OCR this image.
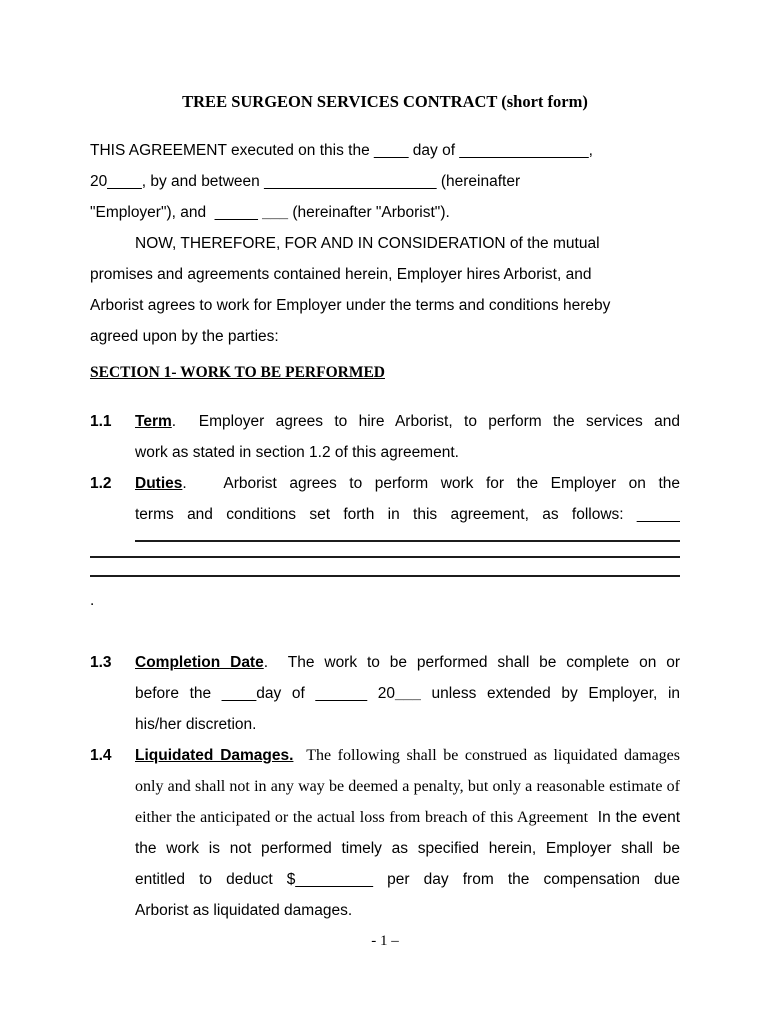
TREE SURGEON SERVICES CONTRACT (short form)
THIS AGREEMENT executed on this the ____ day of _______________,
20____, by and between ____________________ (hereinafter
"Employer"), and  _____ ___ (hereinafter "Arborist").
NOW, THEREFORE, FOR AND IN CONSIDERATION of the mutual
promises and agreements contained herein, Employer hires Arborist, and
Arborist agrees to work for Employer under the terms and conditions hereby
agreed upon by the parties:
SECTION 1- WORK TO BE PERFORMED
1.1 Term.  Employer agrees to hire Arborist, to perform the services and
work as stated in section 1.2 of this agreement.
1.2 Duties.   Arborist agrees to perform work for the Employer on the
terms and conditions set forth in this agreement, as follows: _____
.
1.3 Completion Date.  The work to be performed shall be complete on or
before the ____day of ______ 20___ unless extended by Employer, in
his/her discretion.
1.4 Liquidated Damages.  The following shall be construed as liquidated damages
only and shall not in any way be deemed a penalty, but only a reasonable estimate of
either the anticipated or the actual loss from breach of this Agreement  In the event
the work is not performed timely as specified herein, Employer shall be
entitled to deduct $_________ per day from the compensation due
Arborist as liquidated damages.
- 1 –
